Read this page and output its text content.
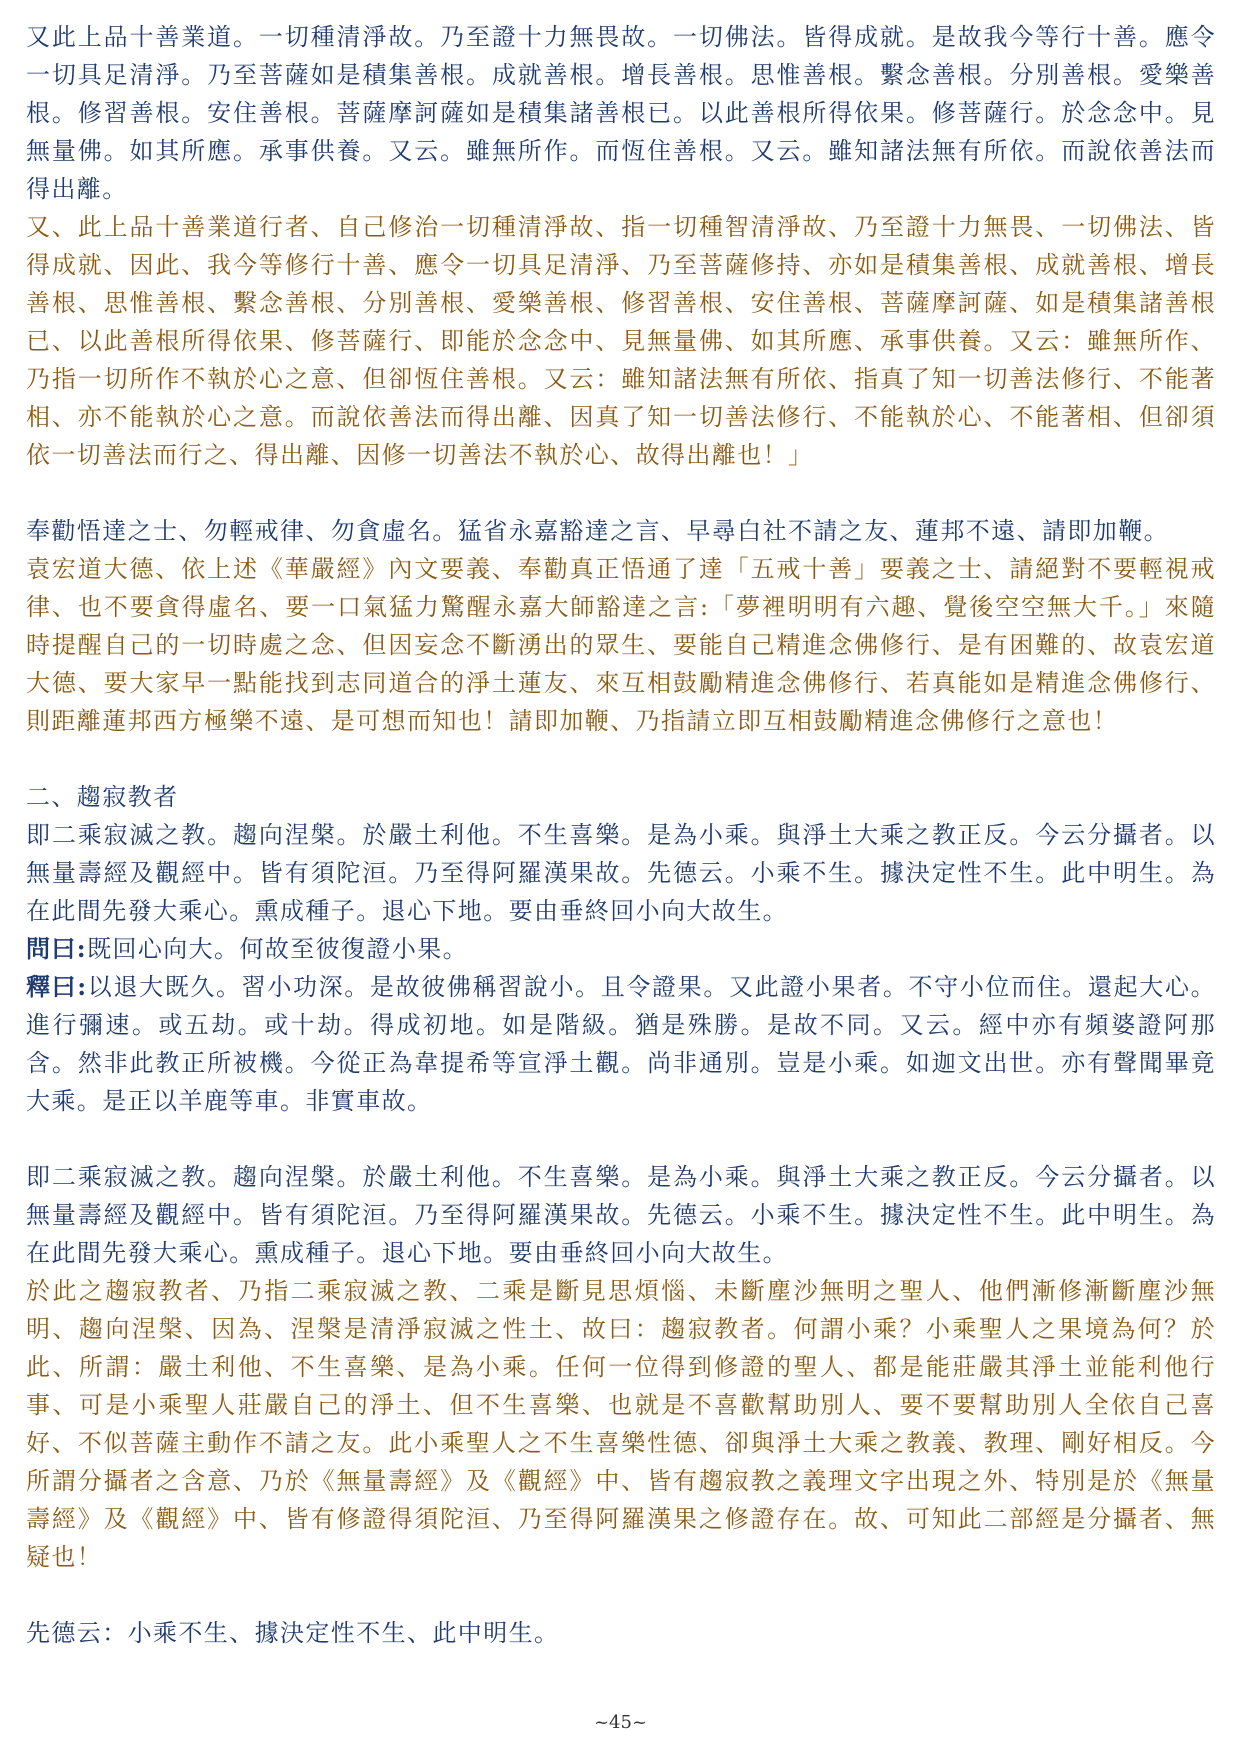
又此上品十善業道。一切種清淨故。乃至證十力無畏故。一切佛法。皆得成就。是故我今等行十善。應令一切具足清淨。乃至菩薩如是積集善根。成就善根。增長善根。思惟善根。繫念善根。分別善根。愛樂善根。修習善根。安住善根。菩薩摩訶薩如是積集諸善根已。以此善根所得依果。修菩薩行。於念念中。見無量佛。如其所應。承事供養。又云。雖無所作。而恆住善根。又云。雖知諸法無有所依。而說依善法而得出離。

又、此上品十善業道行者、自己修治一切種清淨故、指一切種智清淨故、乃至證十力無畏、一切佛法、皆得成就、因此、我今等修行十善、應令一切具足清淨、乃至菩薩修持、亦如是積集善根、成就善根、增長善根、思惟善根、繫念善根、分別善根、愛樂善根、修習善根、安住善根、菩薩摩訶薩、如是積集諸善根已、以此善根所得依果、修菩薩行、即能於念念中、見無量佛、如其所應、承事供養。又云：雖無所作、乃指一切所作不執於心之意、但卻恆住善根。又云：雖知諸法無有所依、指真了知一切善法修行、不能著相、亦不能執於心之意。而說依善法而得出離、因真了知一切善法修行、不能執於心、不能著相、但卻須依一切善法而行之、得出離、因修一切善法不執於心、故得出離也！」

奉勸悟達之士、勿輕戒律、勿貪虛名。猛省永嘉豁達之言、早尋白社不請之友、蓮邦不遠、請即加鞭。

袁宏道大德、依上述《華嚴經》內文要義、奉勸真正悟通了達「五戒十善」要義之士、請絕對不要輕視戒律、也不要貪得虛名、要一口氣猛力驚醒永嘉大師豁達之言:「夢裡明明有六趣、覺後空空無大千。」來隨時提醒自己的一切時處之念、但因妄念不斷湧出的眾生、要能自己精進念佛修行、是有困難的、故袁宏道大德、要大家早一點能找到志同道合的淨土蓮友、來互相鼓勵精進念佛修行、若真能如是精進念佛修行、則距離蓮邦西方極樂不遠、是可想而知也！請即加鞭、乃指請立即互相鼓勵精進念佛修行之意也！

二、趨寂教者

即二乘寂滅之教。趨向涅槃。於嚴土利他。不生喜樂。是為小乘。與淨土大乘之教正反。今云分攝者。以無量壽經及觀經中。皆有須陀洹。乃至得阿羅漢果故。先德云。小乘不生。據決定性不生。此中明生。為在此間先發大乘心。熏成種子。退心下地。要由垂終回小向大故生。

問曰:既回心向大。何故至彼復證小果。

釋曰:以退大既久。習小功深。是故彼佛稱習說小。且令證果。又此證小果者。不守小位而住。還起大心。進行彌速。或五劫。或十劫。得成初地。如是階級。猶是殊勝。是故不同。又云。經中亦有頻婆證阿那含。然非此教正所被機。今從正為韋提希等宣淨土觀。尚非通別。豈是小乘。如迦文出世。亦有聲聞畢竟大乘。是正以羊鹿等車。非實車故。

即二乘寂滅之教。趨向涅槃。於嚴土利他。不生喜樂。是為小乘。與淨土大乘之教正反。今云分攝者。以無量壽經及觀經中。皆有須陀洹。乃至得阿羅漢果故。先德云。小乘不生。據決定性不生。此中明生。為在此間先發大乘心。熏成種子。退心下地。要由垂終回小向大故生。

於此之趨寂教者、乃指二乘寂滅之教、二乘是斷見思煩惱、未斷塵沙無明之聖人、他們漸修漸斷塵沙無明、趨向涅槃、因為、涅槃是清淨寂滅之性土、故曰：趨寂教者。何謂小乘？小乘聖人之果境為何？於此、所謂：嚴土利他、不生喜樂、是為小乘。任何一位得到修證的聖人、都是能莊嚴其淨土並能利他行事、可是小乘聖人莊嚴自己的淨土、但不生喜樂、也就是不喜歡幫助別人、要不要幫助別人全依自己喜好、不似菩薩主動作不請之友。此小乘聖人之不生喜樂性德、卻與淨土大乘之教義、教理、剛好相反。今所謂分攝者之含意、乃於《無量壽經》及《觀經》中、皆有趨寂教之義理文字出現之外、特別是於《無量壽經》及《觀經》中、皆有修證得須陀洹、乃至得阿羅漢果之修證存在。故、可知此二部經是分攝者、無疑也！

先德云：小乘不生、據決定性不生、此中明生。

~45~
